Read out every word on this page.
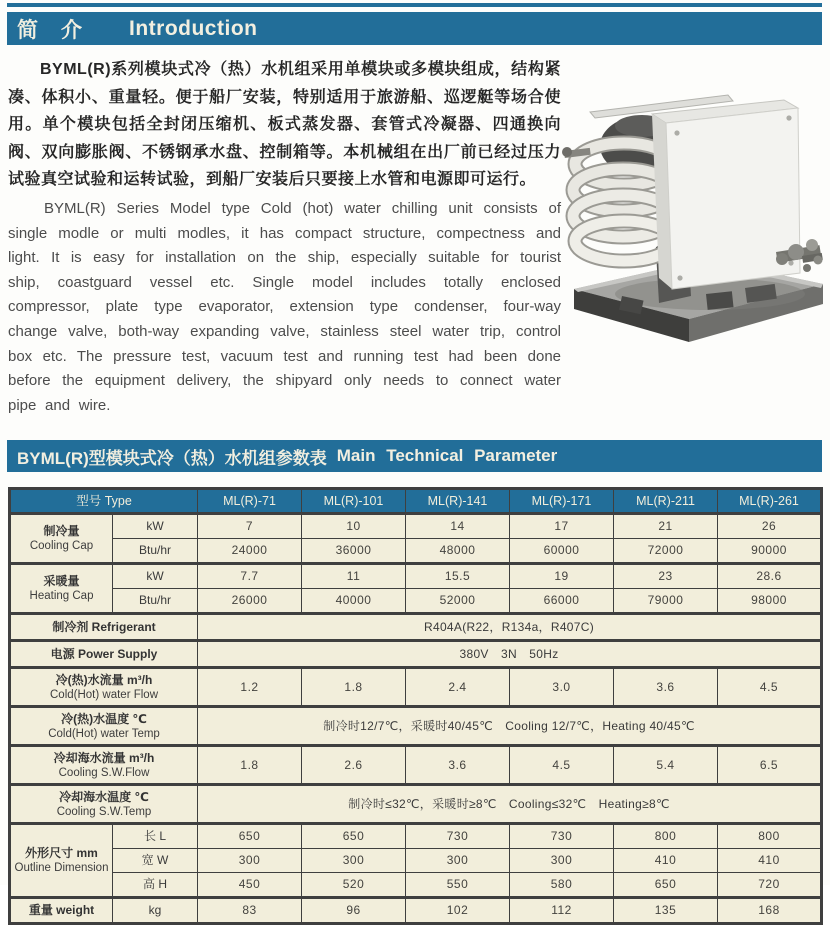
简　介 Introduction

BYML(R)系列模块式冷（热）水机组采用单模块或多模块组成，结构紧凑、体积小、重量轻。便于船厂安装，特别适用于旅游船、巡逻艇等场合使用。单个模块包括全封闭压缩机、板式蒸发器、套管式冷凝器、四通换向阀、双向膨胀阀、不锈钢承水盘、控制箱等。本机械组在出厂前已经过压力试验真空试验和运转试验，到船厂安装后只要接上水管和电源即可运行。

BYML(R) Series Model type Cold (hot) water chilling unit consists of single modle or multi modles, it has compact structure, compectness and light. It is easy for installation on the ship, especially suitable for tourist ship, coastguard vessel etc. Single model includes totally enclosed compressor, plate type evaporator, extension type condenser, four-way change valve, both-way expanding valve, stainless steel water trip, control box etc. The pressure test, vacuum test and running test had been done before the equipment delivery, the shipyard only needs to connect water pipe and wire.

BYML(R)型模块式冷（热）水机组参数表 Main Technical Parameter
型号 Type		ML(R)-71	ML(R)-101	ML(R)-141	ML(R)-171	ML(R)-211	ML(R)-261

制冷量
Cooling Cap	kW	7	10	14	17	21	26
	Btu/hr	24000	36000	48000	60000	72000	90000

采暖量
Heating Cap	kW	7.7	11	15.5	19	23	28.6
	Btu/hr	26000	40000	52000	66000	79000	98000
制冷剂 Refrigerant		R404A(R22，R134a，R407C)					
电源 Power Supply		380V　3N　50Hz					

冷(热)水流量 m³/h
Cold(Hot) water Flow		1.2	1.8	2.4	3.0	3.6	4.5

冷(热)水温度 ℃
Cold(Hot) water Temp		制冷时12/7℃，采暖时40/45℃　Cooling 12/7℃，Heating 40/45℃					

冷却海水流量 m³/h
Cooling S.W.Flow		1.8	2.6	3.6	4.5	5.4	6.5

冷却海水温度 ℃
Cooling S.W.Temp		制冷时≤32℃，采暖时≥8℃　Cooling≤32℃　Heating≥8℃					

外形尺寸 mm
Outline Dimension	长 L	650	650	730	730	800	800
	宽 W	300	300	300	300	410	410
	高 H	450	520	550	580	650	720
重量 weight	kg	83	96	102	112	135	168
